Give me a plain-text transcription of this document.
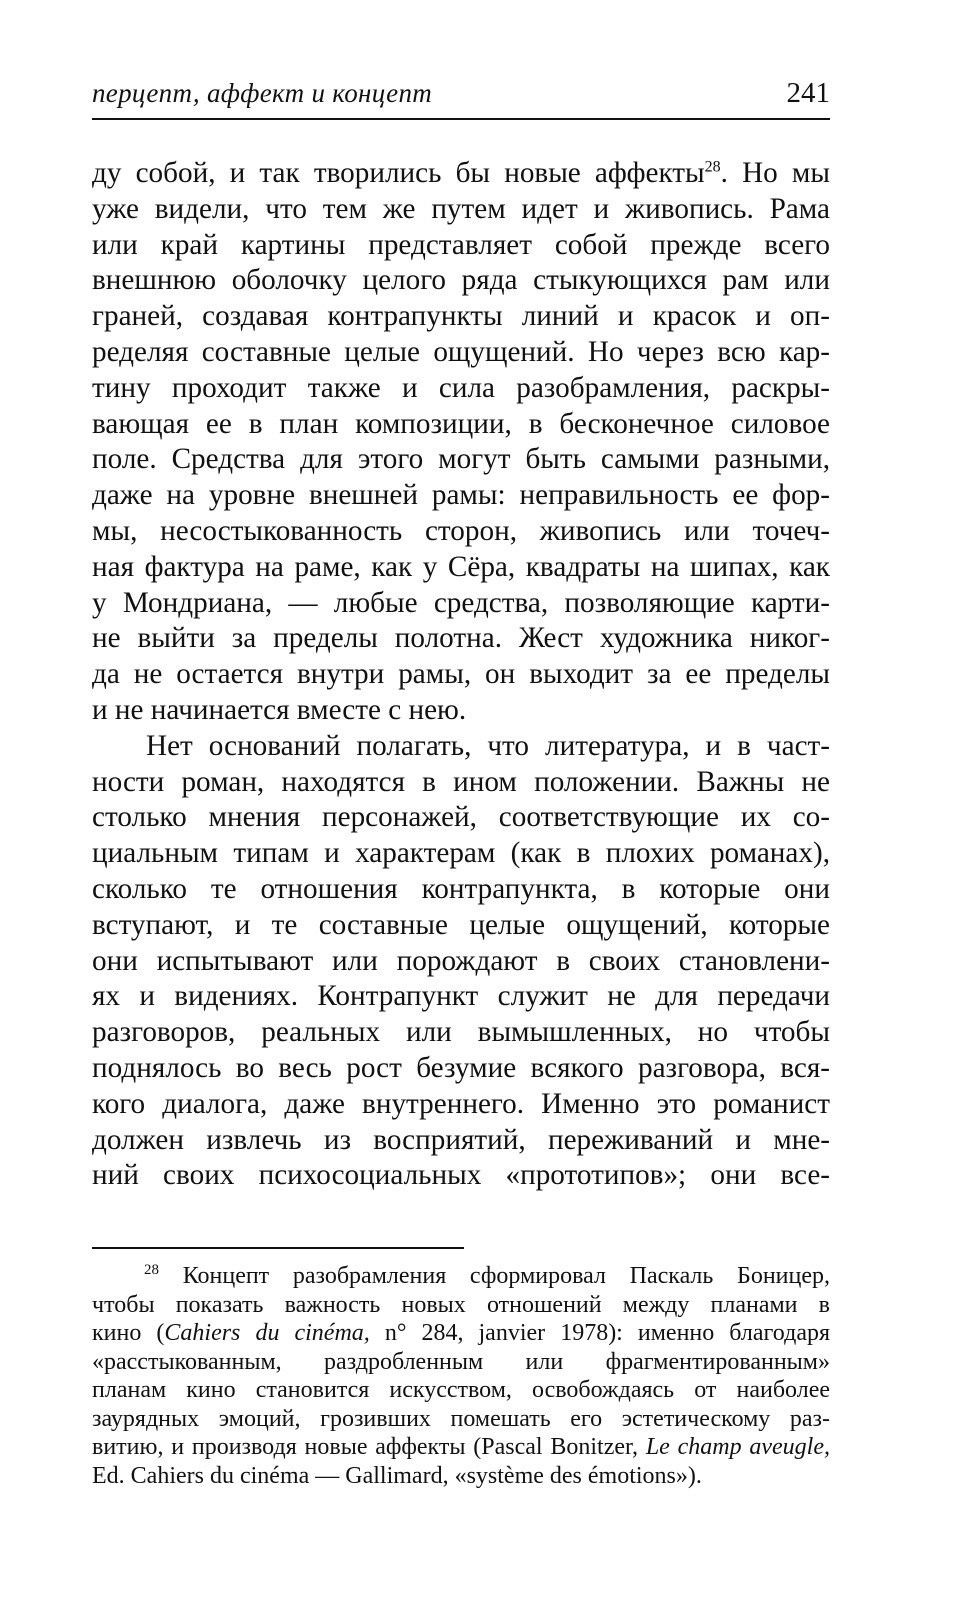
перцепт, аффект и концепт	241
ду собой, и так творились бы новые аффекты$^{28}$. Но мы
уже видели, что тем же путем идет и живопись. Рама
или край картины представляет собой прежде всего
внешнюю оболочку целого ряда стыкующихся рам или
граней, создавая контрапункты линий и красок и оп-
ределяя составные целые ощущений. Но через всю кар-
тину проходит также и сила разобрамления, раскры-
вающая ее в план композиции, в бесконечное силовое
поле. Средства для этого могут быть самыми разными,
даже на уровне внешней рамы: неправильность ее фор-
мы, несостыкованность сторон, живопись или точеч-
ная фактура на раме, как у Сёра, квадраты на шипах, как
у Мондриана, — любые средства, позволяющие карти-
не выйти за пределы полотна. Жест художника никог-
да не остается внутри рамы, он выходит за ее пределы
и не начинается вместе с нею.
Нет оснований полагать, что литература, и в част-
ности роман, находятся в ином положении. Важны не
столько мнения персонажей, соответствующие их со-
циальным типам и характерам (как в плохих романах),
сколько те отношения контрапункта, в которые они
вступают, и те составные целые ощущений, которые
они испытывают или порождают в своих становлени-
ях и видениях. Контрапункт служит не для передачи
разговоров, реальных или вымышленных, но чтобы
поднялось во весь рост безумие всякого разговора, вся-
кого диалога, даже внутреннего. Именно это романист
должен извлечь из восприятий, переживаний и мне-
ний своих психосоциальных «прототипов»; они все-
$^{28}$ Концепт разобрамления сформировал Паскаль Боницер,
чтобы показать важность новых отношений между планами в
кино (Cahiers du cinéma, n° 284, janvier 1978): именно благодаря
«расстыкованным, раздробленным или фрагментированным»
планам кино становится искусством, освобождаясь от наиболее
заурядных эмоций, грозивших помешать его эстетическому раз-
витию, и производя новые аффекты (Pascal Bonitzer, Le champ aveugle,
Ed. Cahiers du cinéma — Gallimard, «système des émotions»).
